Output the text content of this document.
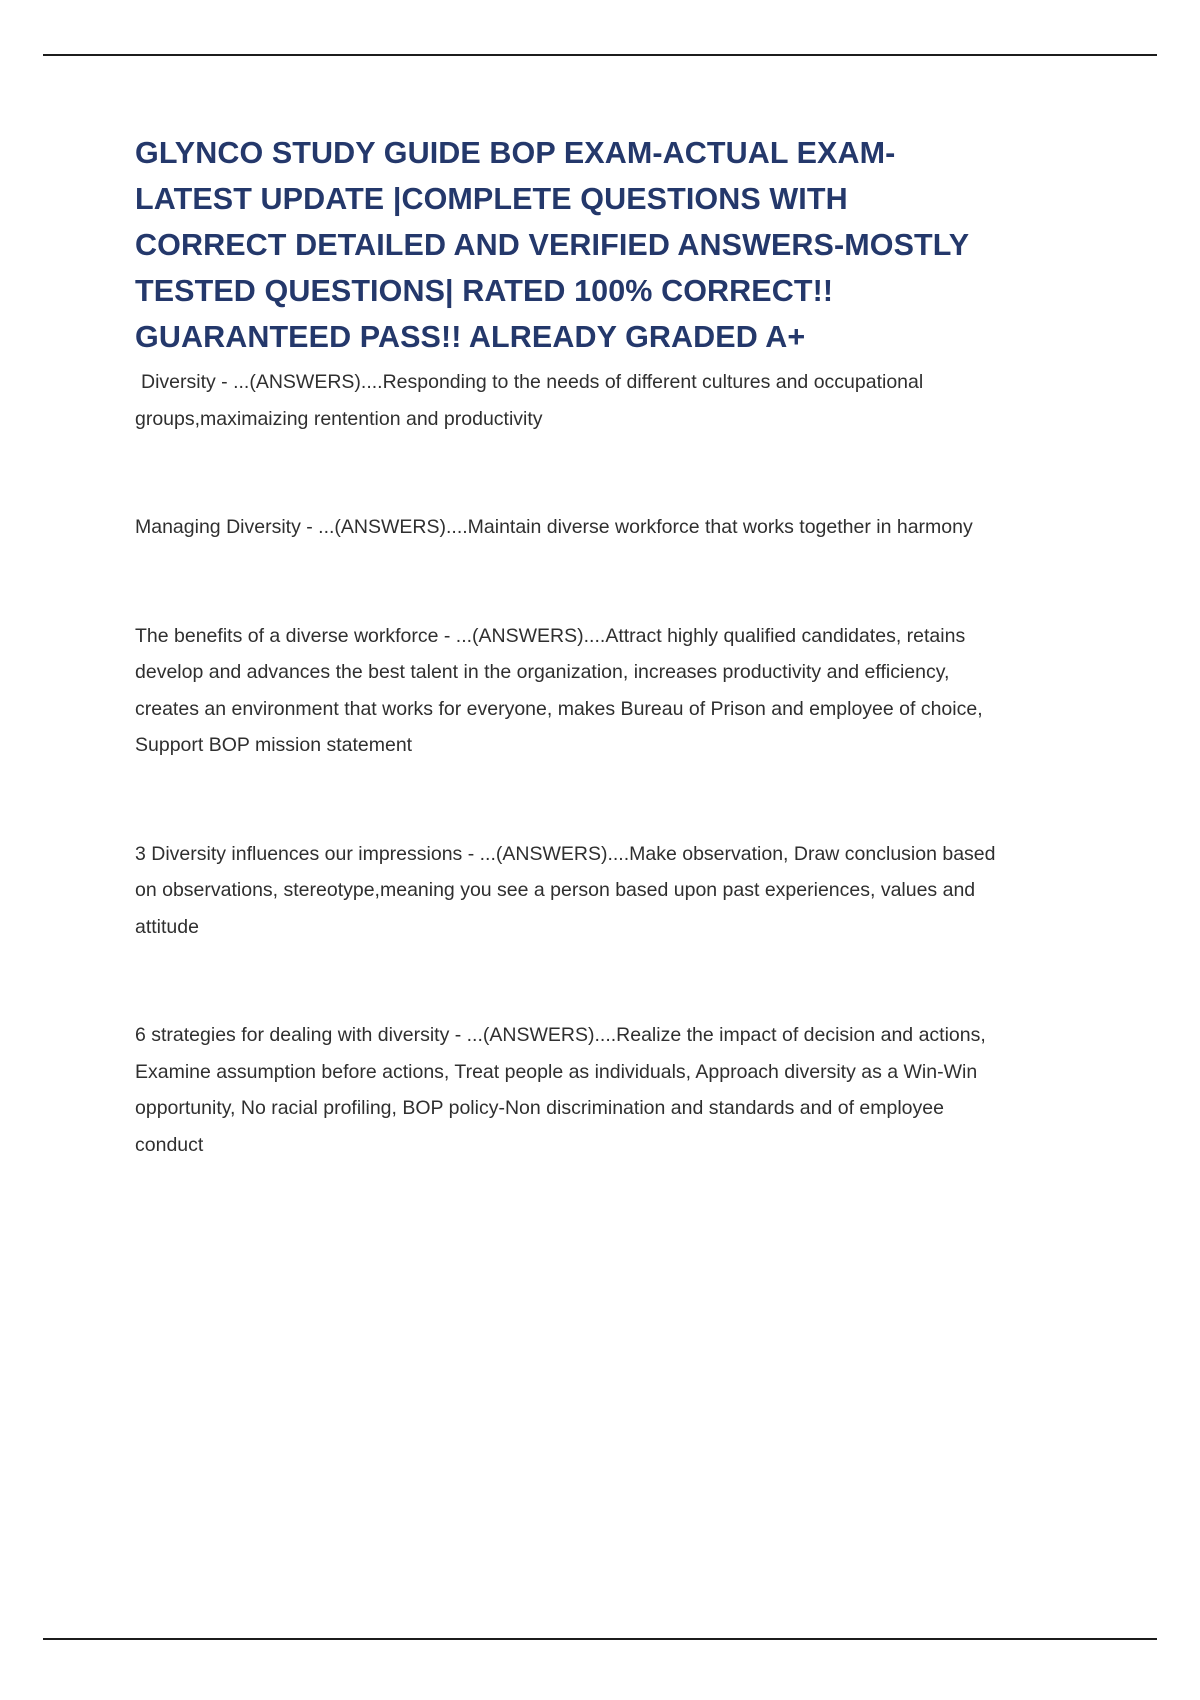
GLYNCO STUDY GUIDE BOP EXAM-ACTUAL EXAM-LATEST UPDATE |COMPLETE QUESTIONS WITH CORRECT DETAILED AND VERIFIED ANSWERS-MOSTLY TESTED QUESTIONS| RATED 100% CORRECT!! GUARANTEED PASS!! ALREADY GRADED A+

Diversity - ...(ANSWERS)....Responding to the needs of different cultures and occupational groups,maximaizing rentention and productivity

Managing Diversity - ...(ANSWERS)....Maintain diverse workforce that works together in harmony

The benefits of a diverse workforce - ...(ANSWERS)....Attract highly qualified candidates, retains develop and advances the best talent in the organization, increases productivity and efficiency, creates an environment that works for everyone, makes Bureau of Prison and employee of choice, Support BOP mission statement

3 Diversity influences our impressions - ...(ANSWERS)....Make observation, Draw conclusion based on observations, stereotype,meaning you see a person based upon past experiences, values and attitude

6 strategies for dealing with diversity - ...(ANSWERS)....Realize the impact of decision and actions, Examine assumption before actions, Treat people as individuals, Approach diversity as a Win-Win opportunity, No racial profiling, BOP policy-Non discrimination and standards and of employee conduct
